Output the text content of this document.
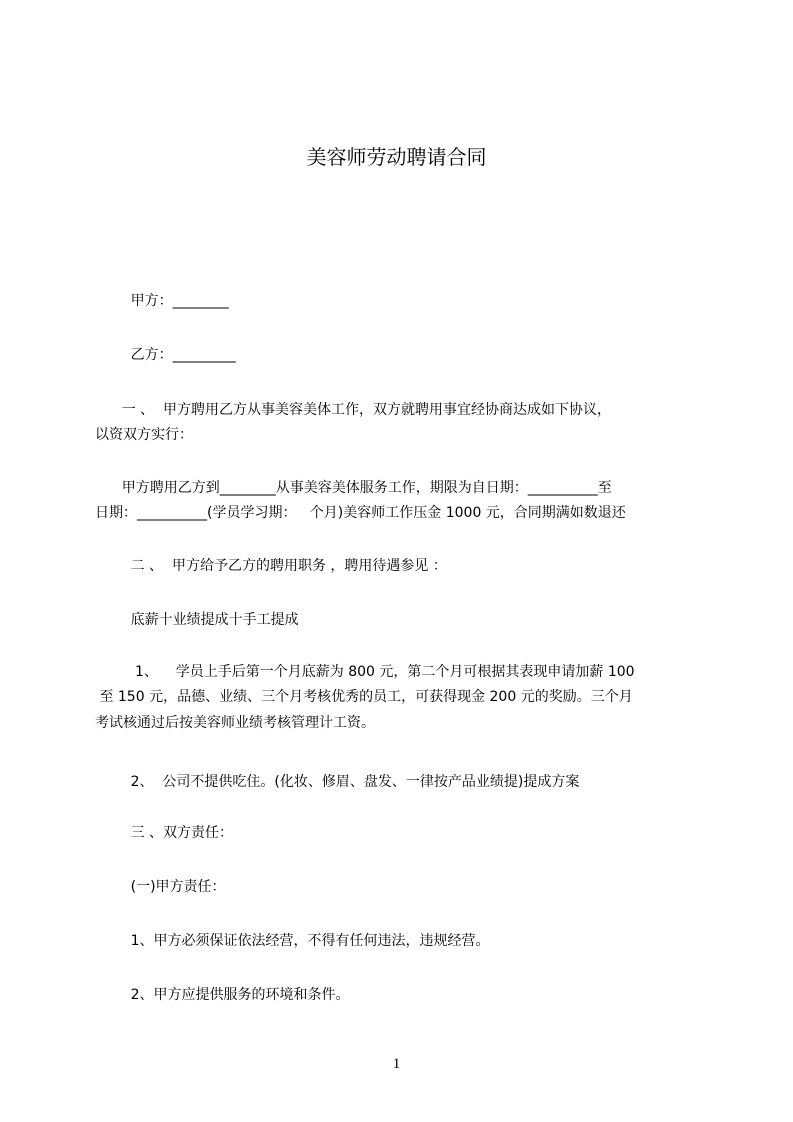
美容师劳动聘请合同
甲方：________
乙方：_________
一 、  甲方聘用乙方从事美容美体工作，双方就聘用事宜经协商达成如下协议，
以资双方实行：
甲方聘用乙方到________从事美容美体服务工作，期限为自日期：__________至
日期：__________(学员学习期：   个月)美容师工作压金 1000 元，合同期满如数退还
二 、  甲方给予乙方的聘用职务 ，聘用待遇参见 ：
底薪十业绩提成十手工提成
1、    学员上手后第一个月底薪为 800 元，第二个月可根据其表现申请加薪 100
至 150 元，品德、业绩、三个月考核优秀的员工，可获得现金 200 元的奖励。三个月
考试核通过后按美容师业绩考核管理计工资。
2、  公司不提供吃住。(化妆、修眉、盘发、一律按产品业绩提)提成方案
三 、双方责任：
(一)甲方责任：
1、甲方必须保证依法经营，不得有任何违法，违规经营。
2、甲方应提供服务的环境和条件。
1
